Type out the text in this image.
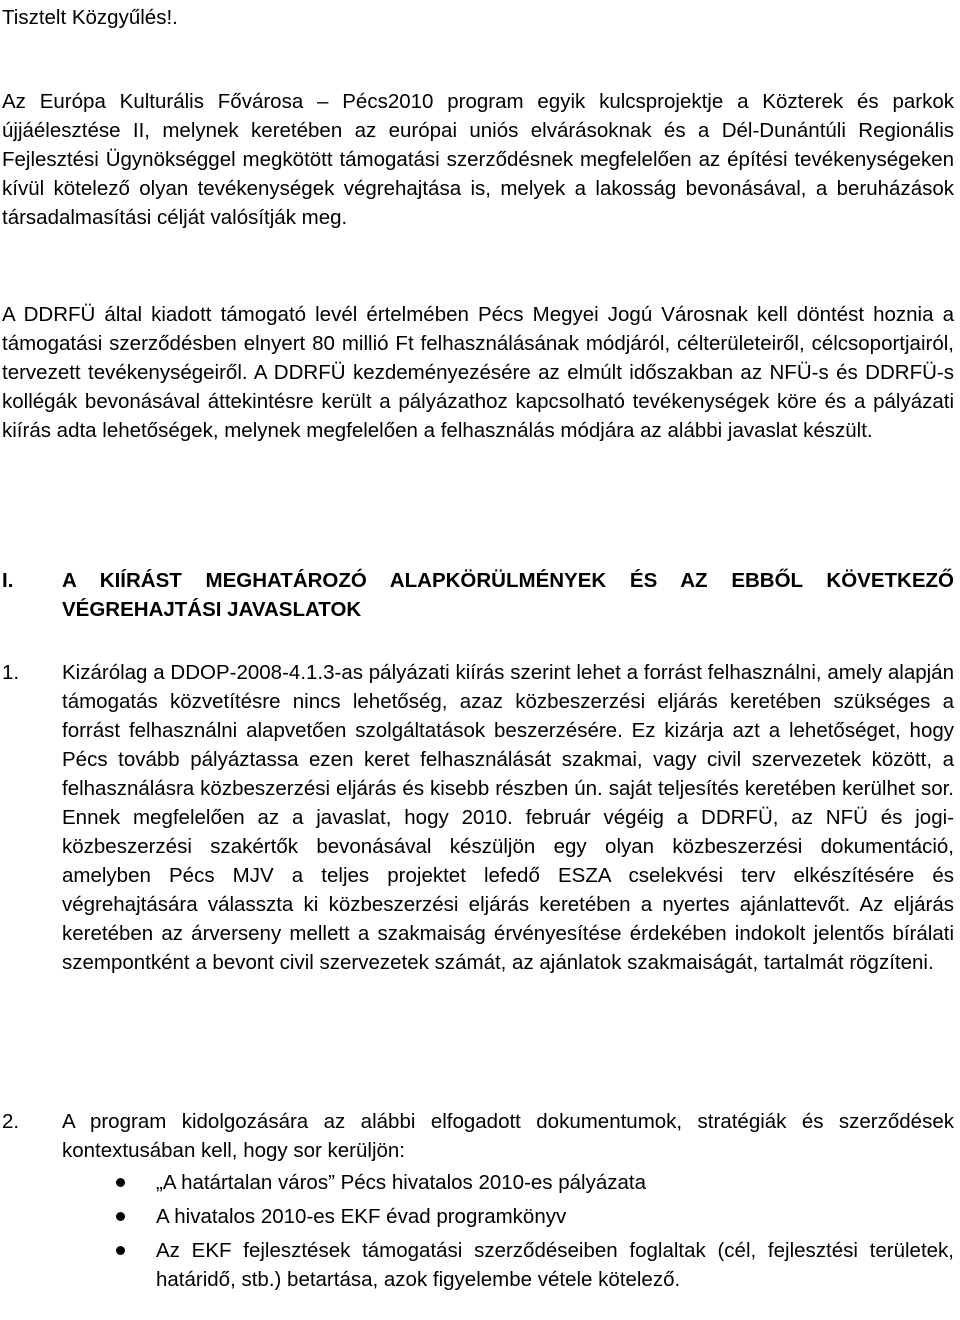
Tisztelt Közgyűlés!.

Az Európa Kulturális Fővárosa – Pécs2010 program egyik kulcsprojektje a Közterek és parkok újjáélesztése II, melynek keretében az európai uniós elvárásoknak és a Dél-Dunántúli Regionális Fejlesztési Ügynökséggel megkötött támogatási szerződésnek megfelelően az építési tevékenységeken kívül kötelező olyan tevékenységek végrehajtása is, melyek a lakosság bevonásával, a beruházások társadalmasítási célját valósítják meg.

A DDRFÜ által kiadott támogató levél értelmében Pécs Megyei Jogú Városnak kell döntést hoznia a támogatási szerződésben elnyert 80 millió Ft felhasználásának módjáról, célterületeiről, célcsoportjairól, tervezett tevékenységeiről. A DDRFÜ kezdeményezésére az elmúlt időszakban az NFÜ-s és DDRFÜ-s kollégák bevonásával áttekintésre került a pályázathoz kapcsolható tevékenységek köre és a pályázati kiírás adta lehetőségek, melynek megfelelően a felhasználás módjára az alábbi javaslat készült.

I. A KIÍRÁST MEGHATÁROZÓ ALAPKÖRÜLMÉNYEK ÉS AZ EBBŐL KÖVETKEZŐ VÉGREHAJTÁSI JAVASLATOK

1. Kizárólag a DDOP-2008-4.1.3-as pályázati kiírás szerint lehet a forrást felhasználni, amely alapján támogatás közvetítésre nincs lehetőség, azaz közbeszerzési eljárás keretében szükséges a forrást felhasználni alapvetően szolgáltatások beszerzésére. Ez kizárja azt a lehetőséget, hogy Pécs tovább pályáztassa ezen keret felhasználását szakmai, vagy civil szervezetek között, a felhasználásra közbeszerzési eljárás és kisebb részben ún. saját teljesítés keretében kerülhet sor. Ennek megfelelően az a javaslat, hogy 2010. február végéig a DDRFÜ, az NFÜ és jogi-közbeszerzési szakértők bevonásával készüljön egy olyan közbeszerzési dokumentáció, amelyben Pécs MJV a teljes projektet lefedő ESZA cselekvési terv elkészítésére és végrehajtására válasszta ki közbeszerzési eljárás keretében a nyertes ajánlattevőt. Az eljárás keretében az árverseny mellett a szakmaiság érvényesítése érdekében indokolt jelentős bírálati szempontként a bevont civil szervezetek számát, az ajánlatok szakmaiságát, tartalmát rögzíteni.

2. A program kidolgozására az alábbi elfogadott dokumentumok, stratégiák és szerződések kontextusában kell, hogy sor kerüljön:

„A határtalan város” Pécs hivatalos 2010-es pályázata
A hivatalos 2010-es EKF évad programkönyv
Az EKF fejlesztések támogatási szerződéseiben foglaltak (cél, fejlesztési területek, határidő, stb.) betartása, azok figyelembe vétele kötelező.
